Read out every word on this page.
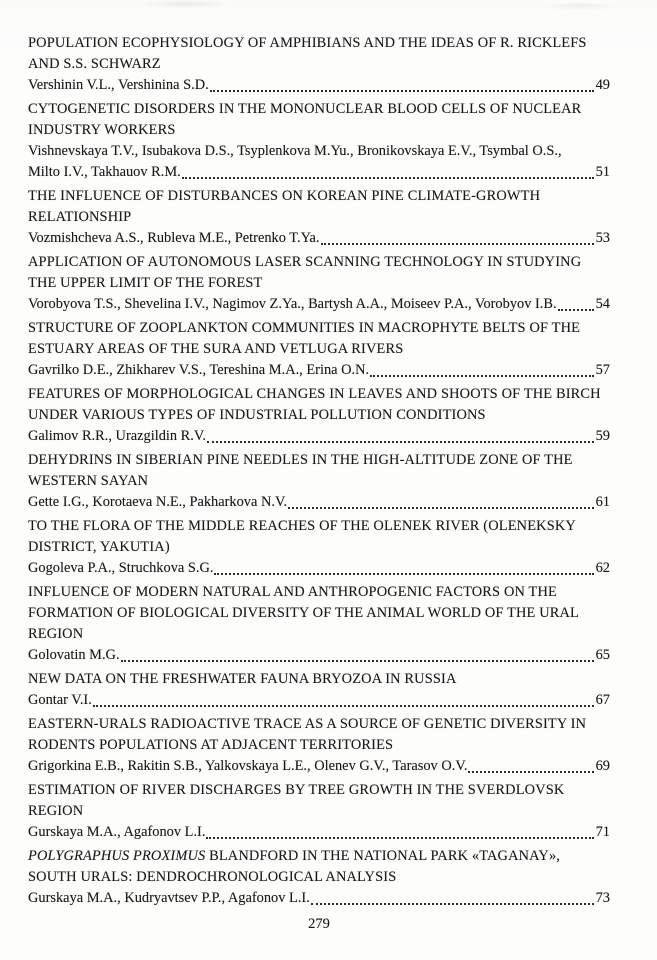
POPULATION ECOPHYSIOLOGY OF AMPHIBIANS AND THE IDEAS OF R. RICKLEFS AND S.S. SCHWARZ
Vershinin V.L., Vershinina S.D.	49
CYTOGENETIC DISORDERS IN THE MONONUCLEAR BLOOD CELLS OF NUCLEAR INDUSTRY WORKERS
Vishnevskaya T.V., Isubakova D.S., Tsyplenkova M.Yu., Bronikovskaya E.V., Tsymbal O.S.,
Milto I.V., Takhauov R.M.	51
THE INFLUENCE OF DISTURBANCES ON KOREAN PINE CLIMATE-GROWTH RELATIONSHIP
Vozmishcheva A.S., Rubleva M.E., Petrenko T.Ya.	53
APPLICATION OF AUTONOMOUS LASER SCANNING TECHNOLOGY IN STUDYING THE UPPER LIMIT OF THE FOREST
Vorobyova T.S., Shevelina I.V., Nagimov Z.Ya., Bartysh A.A., Moiseev P.A., Vorobyov I.B.	54
STRUCTURE OF ZOOPLANKTON COMMUNITIES IN MACROPHYTE BELTS OF THE ESTUARY AREAS OF THE SURA AND VETLUGA RIVERS
Gavrilko D.E., Zhikharev V.S., Tereshina M.A., Erina O.N.	57
FEATURES OF MORPHOLOGICAL CHANGES IN LEAVES AND SHOOTS OF THE BIRCH UNDER VARIOUS TYPES OF INDUSTRIAL POLLUTION CONDITIONS
Galimov R.R., Urazgildin R.V.	59
DEHYDRINS IN SIBERIAN PINE NEEDLES IN THE HIGH-ALTITUDE ZONE OF THE WESTERN SAYAN
Gette I.G., Korotaeva N.E., Pakharkova N.V.	61
TO THE FLORA OF THE MIDDLE REACHES OF THE OLENEK RIVER (OLENEKSKY DISTRICT, YAKUTIA)
Gogoleva P.A., Struchkova S.G.	62
INFLUENCE OF MODERN NATURAL AND ANTHROPOGENIC FACTORS ON THE FORMATION OF BIOLOGICAL DIVERSITY OF THE ANIMAL WORLD OF THE URAL REGION
Golovatin M.G.	65
NEW DATA ON THE FRESHWATER FAUNA BRYOZOA IN RUSSIA
Gontar V.I.	67
EASTERN-URALS RADIOACTIVE TRACE AS A SOURCE OF GENETIC DIVERSITY IN RODENTS POPULATIONS AT ADJACENT TERRITORIES
Grigorkina E.B., Rakitin S.B., Yalkovskaya L.E., Olenev G.V., Tarasov O.V.	69
ESTIMATION OF RIVER DISCHARGES BY TREE GROWTH IN THE SVERDLOVSK REGION
Gurskaya M.A., Agafonov L.I.	71
POLYGRAPHUS PROXIMUS BLANDFORD IN THE NATIONAL PARK «TAGANAY», SOUTH URALS: DENDROCHRONOLOGICAL ANALYSIS
Gurskaya M.A., Kudryavtsev P.P., Agafonov L.I.	73
279
